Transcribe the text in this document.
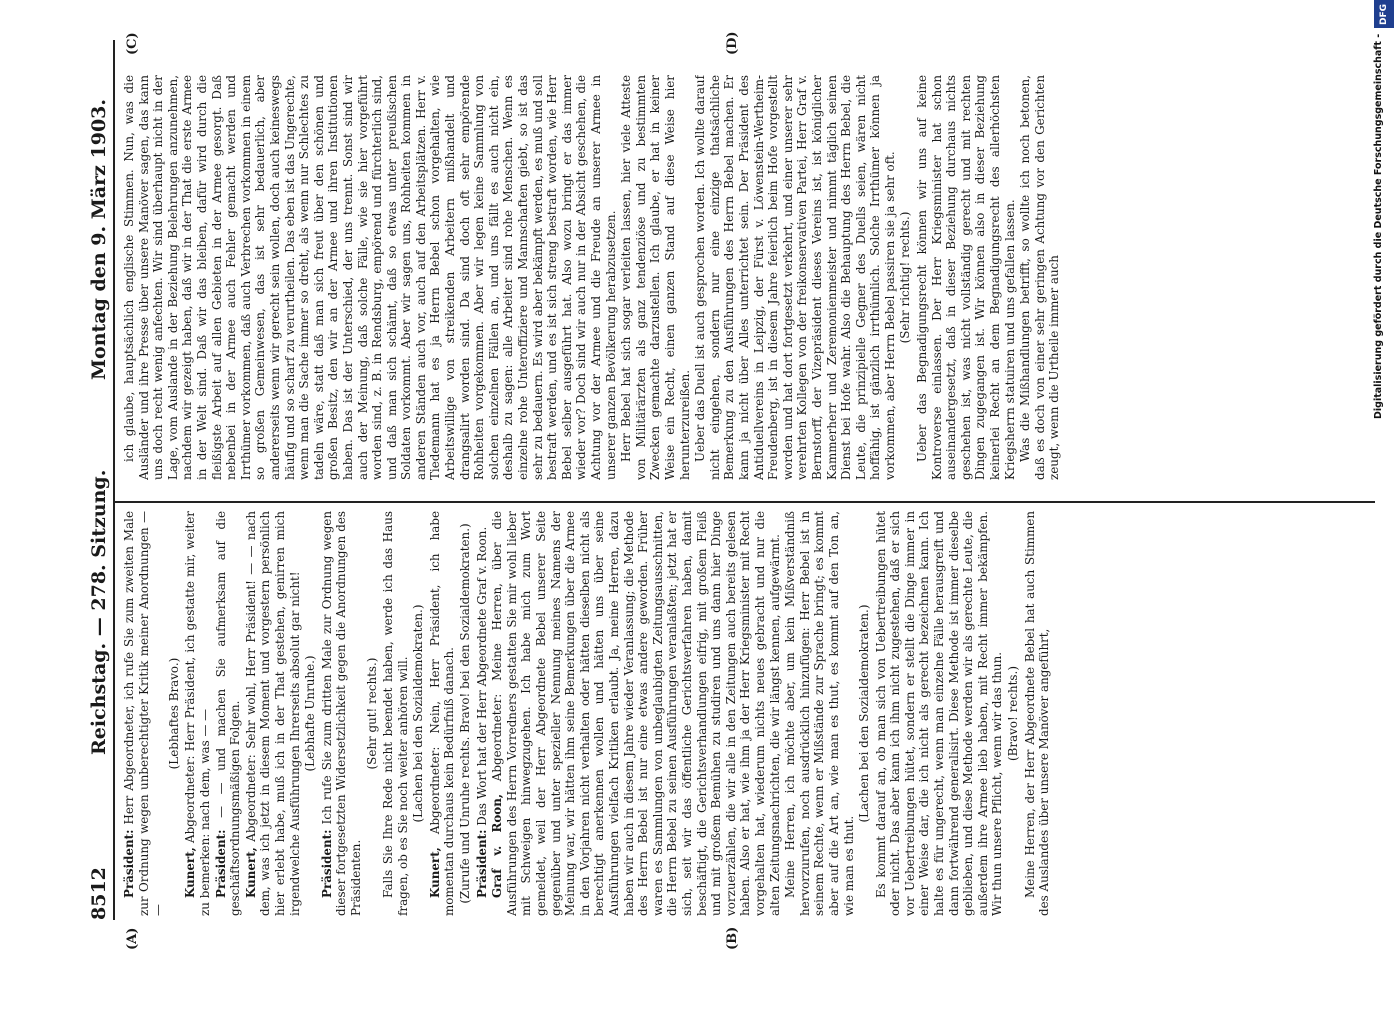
8512
Reichstag. — 278. Sitzung.
Montag den 9. März 1903.
(A)	(B)
(C)	(D)

Präsident: Herr Abgeordneter, ich rufe Sie zum zweiten Male zur Ordnung wegen unberechtigter Kritik meiner Anordnungen — —

(Lebhaftes Bravo.)

Kunert, Abgeordneter: Herr Präsident, ich gestatte mir, weiter zu bemerken: nach dem, was — — Präsident: — — und machen Sie aufmerksam auf die geschäftsordnungsmäßigen Folgen. Kunert, Abgeordneter: Sehr wohl, Herr Präsident! — — nach dem, was ich jetzt in diesem Moment und vorgestern persönlich hier erlebt habe, muß ich in der That gestehen, genirren mich irgendwelche Ausführungen Ihrerseits absolut gar nicht! (Lebhafte Unruhe.)

Präsident: Ich rufe Sie zum dritten Male zur Ordnung wegen dieser fortgesetzten Widersetzlichkeit gegen die Anordnungen des Präsidenten.

(Sehr gut! rechts.) Falls Sie Ihre Rede nicht beendet haben, werde ich das Haus fragen, ob es Sie noch weiter anhören will. (Lachen bei den Sozialdemokraten.)

Kunert, Abgeordneter: Nein, Herr Präsident, ich habe momentan durchaus kein Bedürfniß danach. (Zurufe und Unruhe rechts. Bravo! bei den Sozialdemokraten.) Präsident: Das Wort hat der Herr Abgeordnete Graf v. Roon.

Graf v. Roon, Abgeordneter: Meine Herren, über die Ausführungen des Herrn Vorredners gestatten Sie mir wohl lieber mit Schweigen hinwegzugehen. Ich habe mich zum Wort gemeldet, weil der Herr Abgeordnete Bebel unserer Seite gegenüber und unter spezieller Nennung meines Namens der Meinung war, wir hätten ihm seine Bemerkungen über die Armee in den Vorjahren nicht verhalten oder hätten dieselben nicht als berechtigt anerkennen wollen und hätten uns über seine Ausführungen vielfach Kritiken erlaubt. Ja, meine Herren, dazu haben wir auch in diesem Jahre wieder Veranlassung; die Methode des Herrn Bebel ist nur eine etwas andere geworden. Früher waren es Sammlungen von unbeglaubigten Zeitungsausschnitten, die Herrn Bebel zu seinen Ausführungen veranlaßten; jetzt hat er sich, seit wir das öffentliche Gerichtsverfahren haben, damit beschäftigt, die Gerichtsverhandlungen eifrig, mit großem Fleiß und mit großem Bemühen zu studiren und uns dann hier Dinge vorzuerzählen, die wir alle in den Zeitungen auch bereits gelesen haben. Also er hat, wie ihm ja der Herr Kriegsminister mit Recht vorgehalten hat, wiederum nichts neues gebracht und nur die alten Zeitungsnachrichten, die wir längst kennen, aufgewärmt. Meine Herren, ich möchte aber, um kein Mißverständniß hervorzurufen, noch ausdrücklich hinzufügen: Herr Bebel ist in seinem Rechte, wenn er Mißstände zur Sprache bringt; es kommt aber auf die Art an, wie man es thut, es kommt auf den Ton an, wie man es thut.

(Lachen bei den Sozialdemokraten.) Es kommt darauf an, ob man sich von Uebertreibungen hütet oder nicht. Das aber kann ich ihm nicht zugestehen, daß er sich vor Uebertreibungen hütet, sondern er stellt die Dinge immer in einer Weise dar, die ich nicht als gerecht bezeichnen kann. Ich halte es für ungerecht, wenn man einzelne Fälle herausgreift und dann fortwährend generalisirt. Diese Methode ist immer dieselbe geblieben, und diese Methode werden wir als gerechte Leute, die außerdem ihre Armee lieb haben, mit Recht immer bekämpfen. Wir thun unsere Pflicht, wenn wir das thun. (Bravo! rechts.) Meine Herren, der Herr Abgeordnete Bebel hat auch Stimmen des Auslandes über unsere Manöver angeführt,

ich glaube, hauptsächlich englische Stimmen. Nun, was die Ausländer und ihre Presse über unsere Manöver sagen, das kann uns doch recht wenig anfechten. Wir sind überhaupt nicht in der Lage, vom Auslande in der Beziehung Belehrungen anzunehmen, nachdem wir gezeigt haben, daß wir in der That die erste Armee in der Welt sind. Daß wir das bleiben, dafür wird durch die fleißigste Arbeit auf allen Gebieten in der Armee gesorgt. Daß nebenbei in der Armee auch Fehler gemacht werden und Irrthümer vorkommen, daß auch Verbrechen vorkommen in einem so großen Gemeinwesen, das ist sehr bedauerlich, aber andererseits wenn wir gerecht sein wollen, doch auch keineswegs häufig und so scharf zu verurtheilen. Das eben ist das Ungerechte, wenn man die Sache immer so dreht, als wenn nur Schlechtes zu tadeln wäre, statt daß man sich freut über den schönen und großen Besitz, den wir an der Armee und ihren Institutionen haben. Das ist der Unterschied, der uns trennt. Sonst sind wir auch der Meinung, daß solche Fälle, wie sie hier vorgeführt worden sind, z. B. in Rendsburg, empörend und fürchterlich sind, und daß man sich schämt, daß so etwas unter preußischen Soldaten vorkommt. Aber wir sagen uns, Rohheiten kommen in anderen Ständen auch vor, auch auf den Arbeitsplätzen. Herr v. Tiedemann hat es ja Herrn Bebel schon vorgehalten, wie Arbeitswillige von streikenden Arbeitern mißhandelt und drangsalirt worden sind. Da sind doch oft sehr empörende Rohheiten vorgekommen. Aber wir legen keine Sammlung von solchen einzelnen Fällen an, und uns fällt es auch nicht ein, deshalb zu sagen: alle Arbeiter sind rohe Menschen. Wenn es einzelne rohe Unteroffiziere und Mannschaften giebt, so ist das sehr zu bedauern. Es wird aber bekämpft werden, es muß und soll bestraft werden, und es ist sich streng bestraft worden, wie Herr Bebel selber ausgeführt hat. Also wozu bringt er das immer wieder vor? Doch sind wir auch nur in der Absicht geschehen, die Achtung vor der Armee und die Freude an unserer Armee in unserer ganzen Bevölkerung herabzusetzen. Herr Bebel hat sich sogar verleiten lassen, hier viele Atteste von Militärärzten als ganz tendenziöse und zu bestimmten Zwecken gemachte darzustellen. Ich glaube, er hat in keiner Weise ein Recht, einen ganzen Stand auf diese Weise hier herunterzureißen. Ueber das Duell ist auch gesprochen worden. Ich wollte darauf nicht eingehen, sondern nur eine einzige thatsächliche Bemerkung zu den Ausführungen des Herrn Bebel machen. Er kann ja nicht über Alles unterrichtet sein. Der Präsident des Antiduellvereins in Leipzig, der Fürst v. Löwenstein-Wertheim-Freudenberg, ist in diesem Jahre feierlich beim Hofe vorgestellt worden und hat dort fortgesetzt verkehrt, und einer unserer sehr verehrten Kollegen von der freikonservativen Partei, Herr Graf v. Bernstorff, der Vizepräsident dieses Vereins ist, ist königlicher Kammerherr und Zeremonienmeister und nimmt täglich seinen Dienst bei Hofe wahr. Also die Behauptung des Herrn Bebel, die Leute, die prinzipielle Gegner des Duells seien, wären nicht hoffähig, ist gänzlich irrthümlich. Solche Irrthümer können ja vorkommen, aber Herrn Bebel passiren sie ja sehr oft. (Sehr richtig! rechts.) Ueber das Begnadigungsrecht können wir uns auf keine Kontroverse einlassen. Der Herr Kriegsminister hat schon auseinandergesetzt, daß in dieser Beziehung durchaus nichts geschehen ist, was nicht vollständig gerecht und mit rechten Dingen zugegangen ist. Wir können also in dieser Beziehung keinerlei Recht an dem Begnadigungsrecht des allerhöchsten Kriegsherrn statuiren und uns gefallen lassen. Was die Mißhandlungen betrifft, so wollte ich noch betonen, daß es doch von einer sehr geringen Achtung vor den Gerichten zeugt, wenn die Urtheile immer auch

DFG
Digitalisierung gefördert durch die Deutsche Forschungsgemeinschaft -
